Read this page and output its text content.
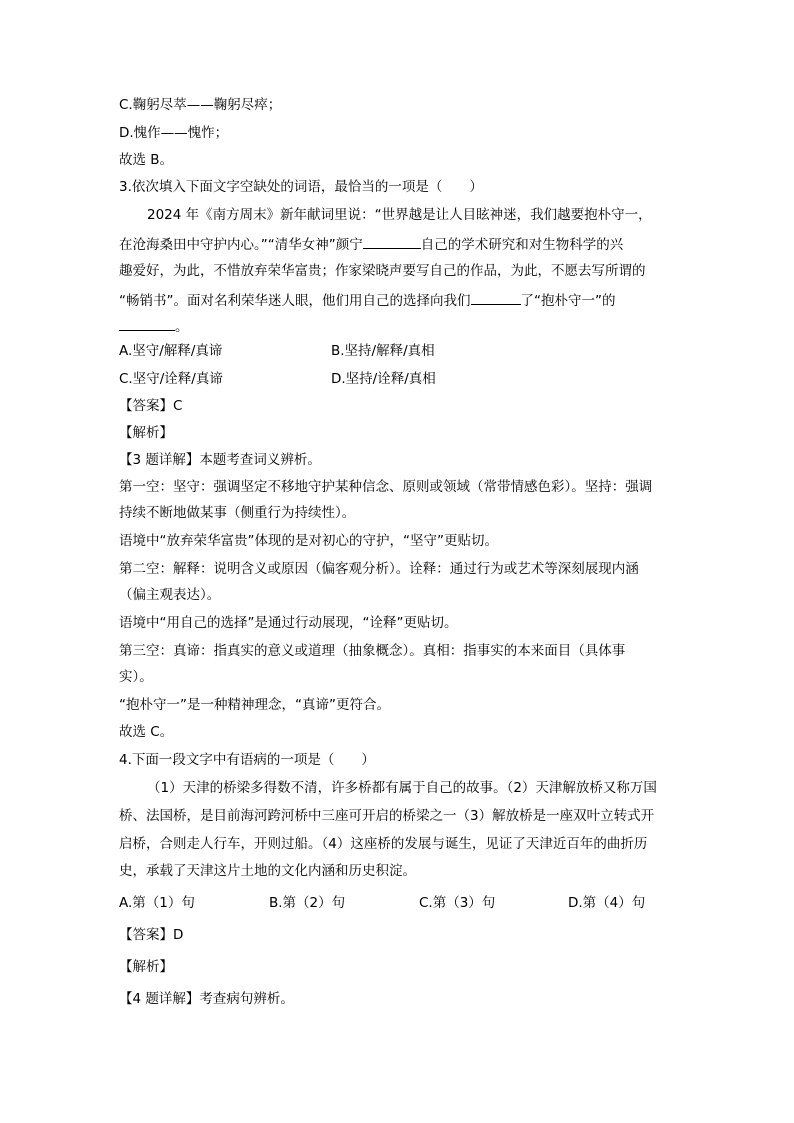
C.鞠躬尽萃——鞠躬尽瘁；
D.愧作——愧怍；
故选 B。
3.依次填入下面文字空缺处的词语，最恰当的一项是（　　）
2024 年《南方周末》新年献词里说：“世界越是让人目眩神迷，我们越要抱朴守一，
在沧海桑田中守护内心。”“清华女神”颜宁	自己的学术研究和对生物科学的兴
趣爱好，为此，不惜放弃荣华富贵；作家梁晓声要写自己的作品，为此，不愿去写所谓的
“畅销书”。面对名利荣华迷人眼，他们用自己的选择向我们	了“抱朴守一”的
。
A.坚守/解释/真谛	B.坚持/解释/真相
C.坚守/诠释/真谛	D.坚持/诠释/真相
【答案】C
【解析】
【3 题详解】本题考查词义辨析。
第一空：坚守：强调坚定不移地守护某种信念、原则或领域（常带情感色彩）。坚持：强调
持续不断地做某事（侧重行为持续性）。
语境中“放弃荣华富贵”体现的是对初心的守护，“坚守”更贴切。
第二空：解释：说明含义或原因（偏客观分析）。诠释：通过行为或艺术等深刻展现内涵
（偏主观表达）。
语境中“用自己的选择”是通过行动展现，“诠释”更贴切。
第三空：真谛：指真实的意义或道理（抽象概念）。真相：指事实的本来面目（具体事
实）。
“抱朴守一”是一种精神理念，“真谛”更符合。
故选 C。
4.下面一段文字中有语病的一项是（　　）
（1）天津的桥梁多得数不清，许多桥都有属于自己的故事。（2）天津解放桥又称万国
桥、法国桥，是目前海河跨河桥中三座可开启的桥梁之一（3）解放桥是一座双叶立转式开
启桥，合则走人行车，开则过船。（4）这座桥的发展与诞生，见证了天津近百年的曲折历
史，承载了天津这片土地的文化内涵和历史积淀。
A.第（1）句	B.第（2）句	C.第（3）句	D.第（4）句
【答案】D
【解析】
【4 题详解】考查病句辨析。
